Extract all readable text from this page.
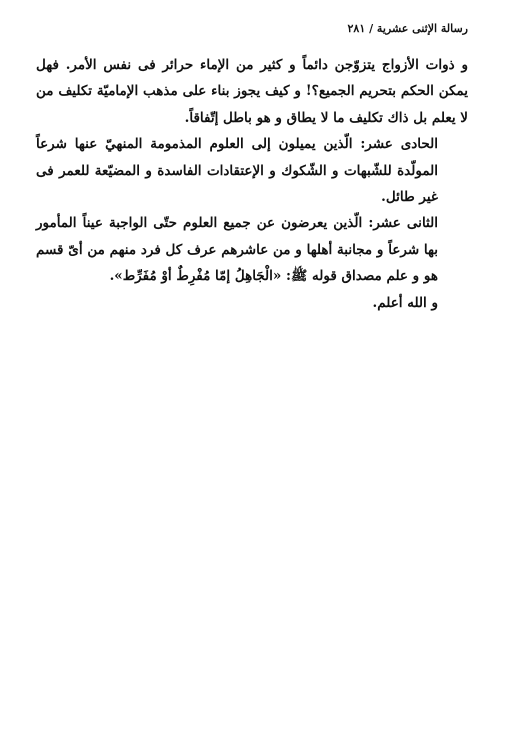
رسالة الإثنى عشرية / ٢٨١

و ذوات الأزواج يتزوّجن دائماً و كثير من الإماء حرائر فى نفس الأمر. فهل يمكن الحكم بتحريم الجميع؟! و كيف يجوز بناء على مذهب الإماميّة تكليف من لا يعلم بل ذاك تكليف ما لا يطاق و هو باطل إتّفاقاً.

الحادى عشر: الّذين يميلون إلى العلوم المذمومة المنهيّ عنها شرعاً المولّدة للشّبهات و الشّكوك و الإعتقادات الفاسدة و المضيّعة للعمر فى غير طائل.

الثانى عشر: الّذين يعرضون عن جميع العلوم حتّى الواجبة عيناً المأمور بها شرعاً و مجانبة أهلها و من عاشرهم عرف كل فرد منهم من أىّ قسم هو و علم مصداق قوله ﷺ: «الْجَاهِلُ إمّا مُفْرِطٌ أوْ مُفَرِّط».

و الله أعلم.
